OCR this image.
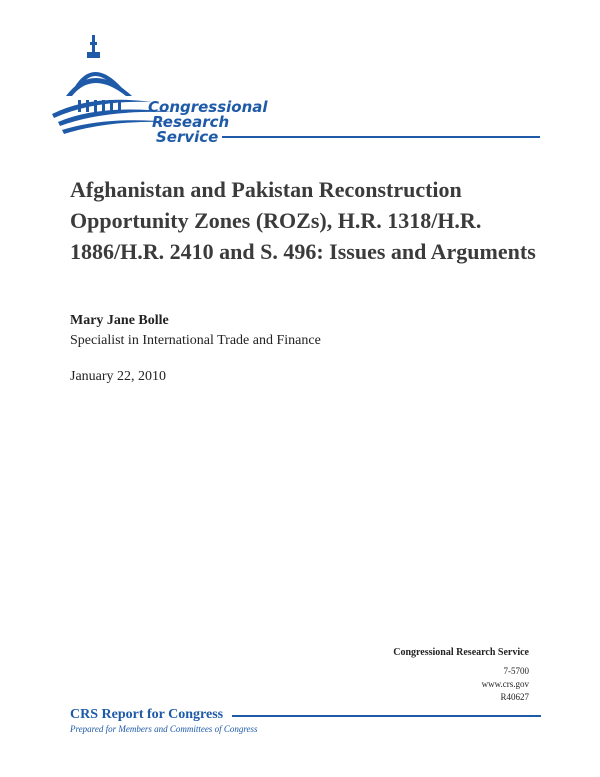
Congressional
Research
Service
Afghanistan and Pakistan Reconstruction Opportunity Zones (ROZs), H.R. 1318/H.R. 1886/H.R. 2410 and S. 496: Issues and Arguments
Mary Jane Bolle
Specialist in International Trade and Finance
January 22, 2010
Congressional Research Service
7-5700
www.crs.gov
R40627
CRS Report for Congress
Prepared for Members and Committees of Congress
